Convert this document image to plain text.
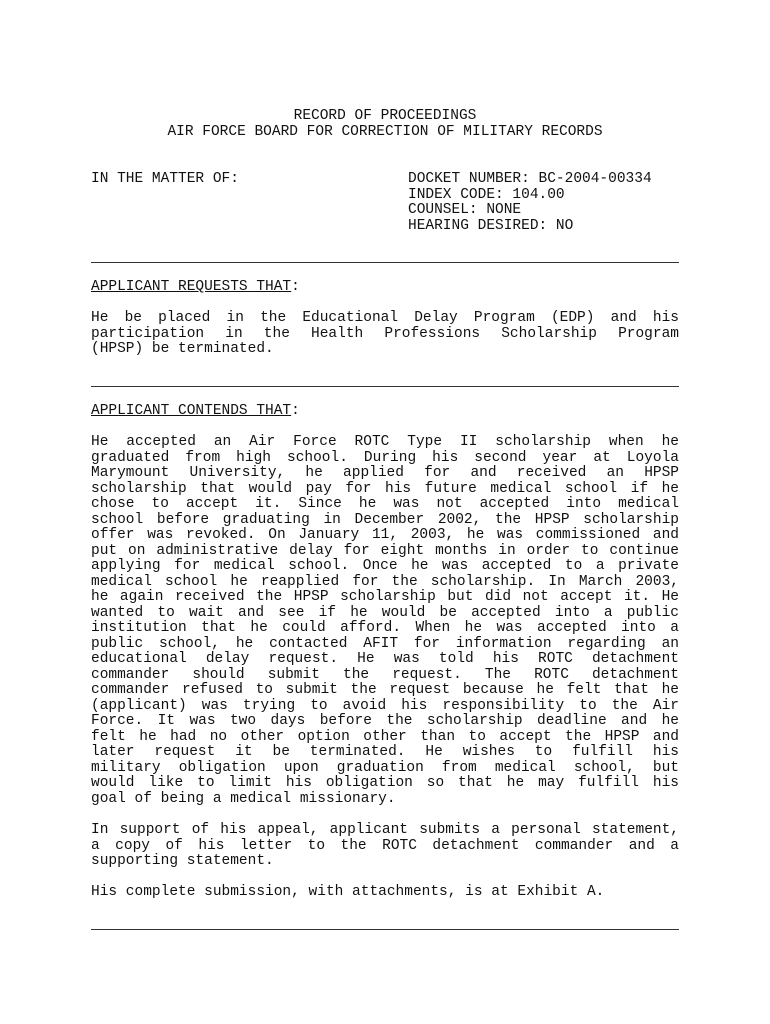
RECORD OF PROCEEDINGS
AIR FORCE BOARD FOR CORRECTION OF MILITARY RECORDS
IN THE MATTER OF:	DOCKET NUMBER: BC-2004-00334
INDEX CODE: 104.00
COUNSEL: NONE
HEARING DESIRED: NO
APPLICANT REQUESTS THAT:
He be placed in the Educational Delay Program (EDP) and his
participation in the Health Professions Scholarship Program
(HPSP) be terminated.
APPLICANT CONTENDS THAT:
He accepted an Air Force ROTC Type II scholarship when he
graduated from high school. During his second year at Loyola
Marymount University, he applied for and received an HPSP
scholarship that would pay for his future medical school if he
chose to accept it. Since he was not accepted into medical
school before graduating in December 2002, the HPSP scholarship
offer was revoked. On January 11, 2003, he was commissioned and
put on administrative delay for eight months in order to continue
applying for medical school. Once he was accepted to a private
medical school he reapplied for the scholarship. In March 2003,
he again received the HPSP scholarship but did not accept it. He
wanted to wait and see if he would be accepted into a public
institution that he could afford. When he was accepted into a
public school, he contacted AFIT for information regarding an
educational delay request. He was told his ROTC detachment
commander should submit the request. The ROTC detachment
commander refused to submit the request because he felt that he
(applicant) was trying to avoid his responsibility to the Air
Force. It was two days before the scholarship deadline and he
felt he had no other option other than to accept the HPSP and
later request it be terminated. He wishes to fulfill his
military obligation upon graduation from medical school, but
would like to limit his obligation so that he may fulfill his
goal of being a medical missionary.
In support of his appeal, applicant submits a personal statement,
a copy of his letter to the ROTC detachment commander and a
supporting statement.
His complete submission, with attachments, is at Exhibit A.
